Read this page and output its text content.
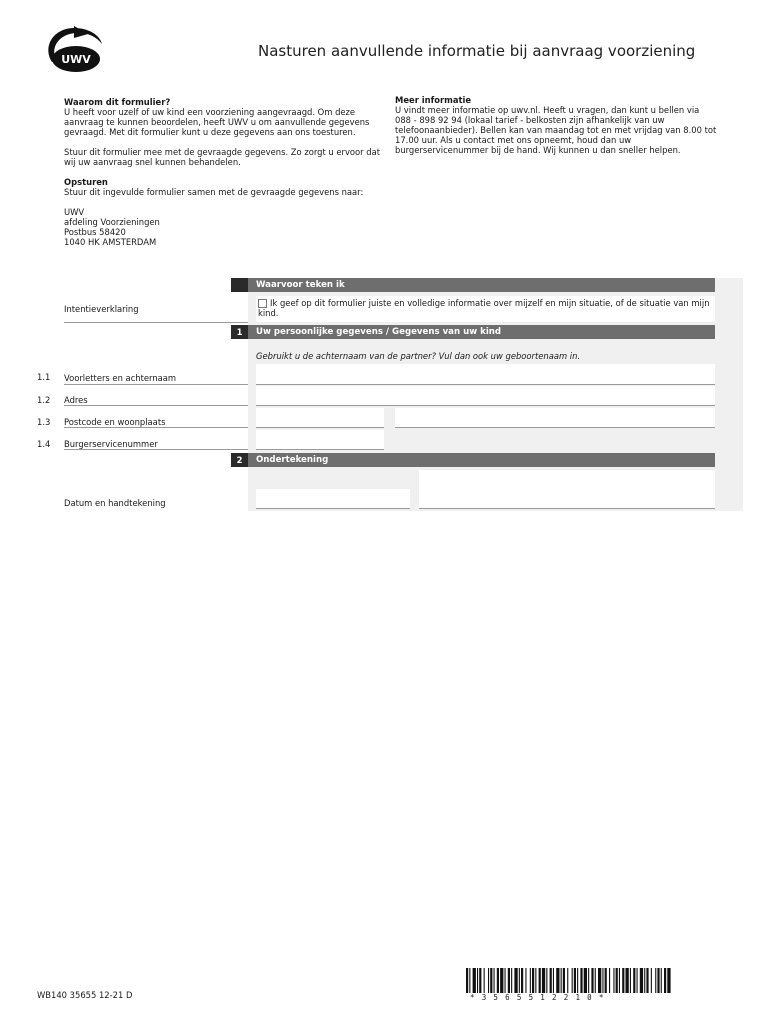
UWV	Nasturen aanvullende informatie bij aanvraag voorziening
Waarom dit formulier?

U heeft voor uzelf of uw kind een voorziening aangevraagd. Om deze aanvraag te kunnen beoordelen, heeft UWV u om aanvullende gegevens gevraagd. Met dit formulier kunt u deze gegevens aan ons toesturen.

Stuur dit formulier mee met de gevraagde gegevens. Zo zorgt u ervoor dat wij uw aanvraag snel kunnen behandelen.

Opsturen

Stuur dit ingevulde formulier samen met de gevraagde gegevens naar:

UWV

afdeling Voorzieningen

Postbus 58420

1040 HK AMSTERDAM

Meer informatie

U vindt meer informatie op uwv.nl. Heeft u vragen, dan kunt u bellen via 088 - 898 92 94 (lokaal tarief - belkosten zijn afhankelijk van uw telefoonaanbieder). Bellen kan van maandag tot en met vrijdag van 8.00 tot 17.00 uur. Als u contact met ons opneemt, houd dan uw burgerservicenummer bij de hand. Wij kunnen u dan sneller helpen.

Waarvoor teken ik
Intentieverklaring
Ik geef op dit formulier juiste en volledige informatie over mijzelf en mijn situatie, of de situatie van mijn kind.
1	Uw persoonlijke gegevens / Gegevens van uw kind
Gebruikt u de achternaam van de partner? Vul dan ook uw geboortenaam in.
1.1 Voorletters en achternaam
1.2 Adres
1.3 Postcode en woonplaats
1.4 Burgerservicenummer
2	Ondertekening
Datum en handtekening
WB140 35655 12-21 D	*3565512210*
